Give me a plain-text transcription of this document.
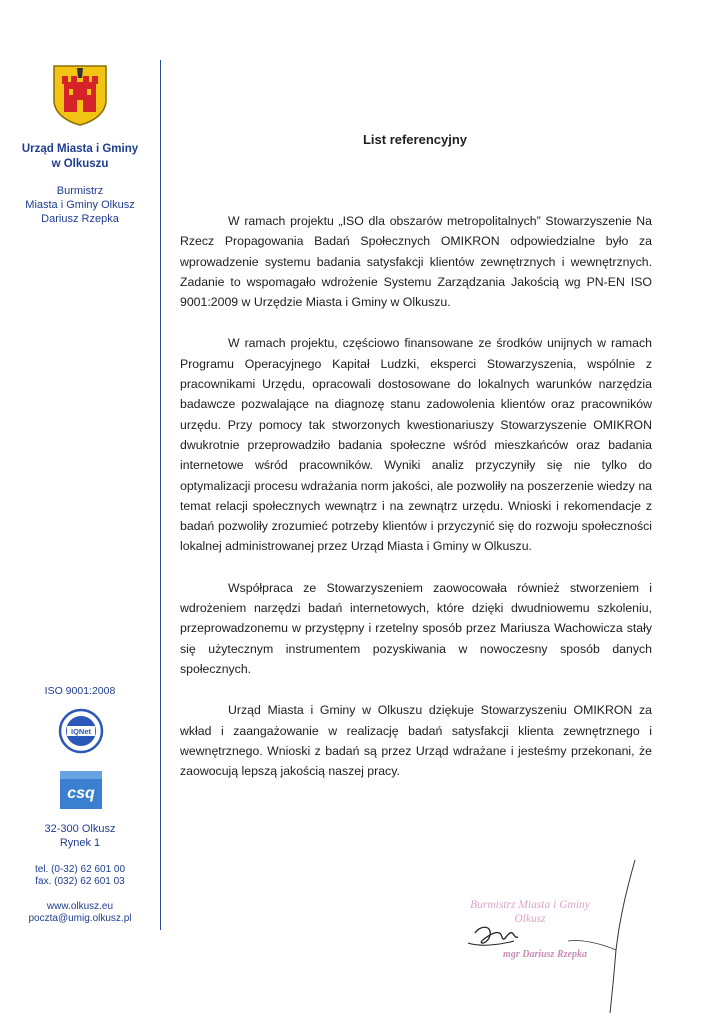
Urząd Miasta i Gminy
w Olkuszu
Burmistrz
Miasta i Gminy Olkusz
Dariusz Rzepka
ISO 9001:2008
IQNet
csq
32-300 Olkusz
Rynek 1
tel. (0-32) 62 601 00
fax. (032) 62 601 03
www.olkusz.eu
poczta@umig.olkusz.pl
List referencyjny

W ramach projektu „ISO dla obszarów metropolitalnych” Stowarzyszenie Na Rzecz Propagowania Badań Społecznych OMIKRON odpowiedzialne było za wprowadzenie systemu badania satysfakcji klientów zewnętrznych i wewnętrznych. Zadanie to wspomagało wdrożenie Systemu Zarządzania Jakością wg PN-EN ISO 9001:2009 w Urzędzie Miasta i Gminy w Olkuszu.

W ramach projektu, częściowo finansowane ze środków unijnych w ramach Programu Operacyjnego Kapitał Ludzki, eksperci Stowarzyszenia, wspólnie z pracownikami Urzędu, opracowali dostosowane do lokalnych warunków narzędzia badawcze pozwalające na diagnozę stanu zadowolenia klientów oraz pracowników urzędu. Przy pomocy tak stworzonych kwestionariuszy Stowarzyszenie OMIKRON dwukrotnie przeprowadziło badania społeczne wśród mieszkańców oraz badania internetowe wśród pracowników. Wyniki analiz przyczyniły się nie tylko do optymalizacji procesu wdrażania norm jakości, ale pozwoliły na poszerzenie wiedzy na temat relacji społecznych wewnątrz i na zewnątrz urzędu. Wnioski i rekomendacje z badań pozwoliły zrozumieć potrzeby klientów i przyczynić się do rozwoju społeczności lokalnej administrowanej przez Urząd Miasta i Gminy w Olkuszu.

Współpraca ze Stowarzyszeniem zaowocowała również stworzeniem i wdrożeniem narzędzi badań internetowych, które dzięki dwudniowemu szkoleniu, przeprowadzonemu w przystępny i rzetelny sposób przez Mariusza Wachowicza stały się użytecznym instrumentem pozyskiwania w nowoczesny sposób danych społecznych.

Urząd Miasta i Gminy w Olkuszu dziękuje Stowarzyszeniu OMIKRON za wkład i zaangażowanie w realizację badań satysfakcji klienta zewnętrznego i wewnętrznego. Wnioski z badań są przez Urząd wdrażane i jesteśmy przekonani, że zaowocują lepszą jakością naszej pracy.

Burmistrz Miasta i Gminy
Olkusz
mgr Dariusz Rzepka
